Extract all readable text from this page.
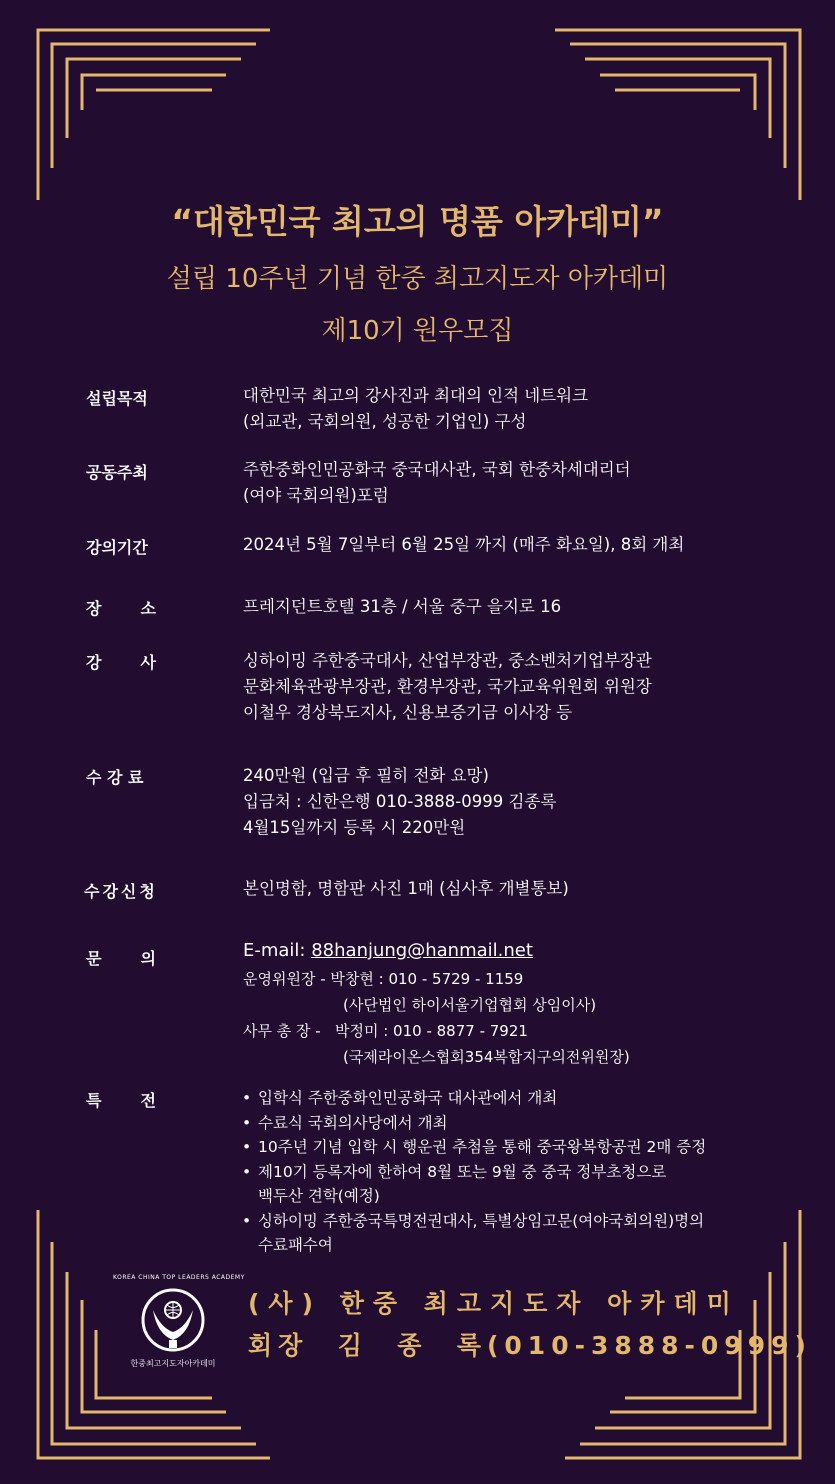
“대한민국 최고의 명품 아카데미”
설립 10주년 기념 한중 최고지도자 아카데미
제10기 원우모집
설립목적	대한민국 최고의 강사진과 최대의 인적 네트워크
(외교관, 국회의원, 성공한 기업인) 구성
공동주최	주한중화인민공화국 중국대사관, 국회 한중차세대리더
(여야 국회의원)포럼
강의기간	2024년 5월 7일부터 6월 25일 까지 (매주 화요일), 8회 개최
장       소	프레지던트호텔 31층 / 서울 중구 을지로 16
강       사	싱하이밍 주한중국대사, 산업부장관, 중소벤처기업부장관
문화체육관광부장관, 환경부장관, 국가교육위원회 위원장
이철우 경상북도지사, 신용보증기금 이사장 등
수 강 료	240만원 (입금 후 필히 전화 요망)
입금처 : 신한은행 010-3888-0999 김종록
4월15일까지 등록 시 220만원
수강신청	본인명함, 명함판 사진 1매 (심사후 개별통보)
문       의	E-mail: 88hanjung@hanmail.net
운영위원장 - 박창현 : 010 - 5729 - 1159
(사단법인 하이서울기업협회 상임이사)
사무 총 장 -   박정미 : 010 - 8877 - 7921
(국제라이온스협회354복합지구의전위원장)
특       전
•	입학식 주한중화인민공화국 대사관에서 개최
• 수료식 국회의사당에서 개최
• 10주년 기념 입학 시 행운권 추첨을 통해 중국왕복항공권 2매 증정
• 제10기 등록자에 한하여 8월 또는 9월 중 중국 정부초청으로
백두산 견학(예정)
• 싱하이밍 주한중국특명전권대사, 특별상임고문(여야국회의원)명의
수료패수여
한중최고지도자아카데미
KOREA CHINA TOP LEADERS ACADEMY
(사) 한중 최고지도자 아카데미
회장  김  종  록(010-3888-0999)
